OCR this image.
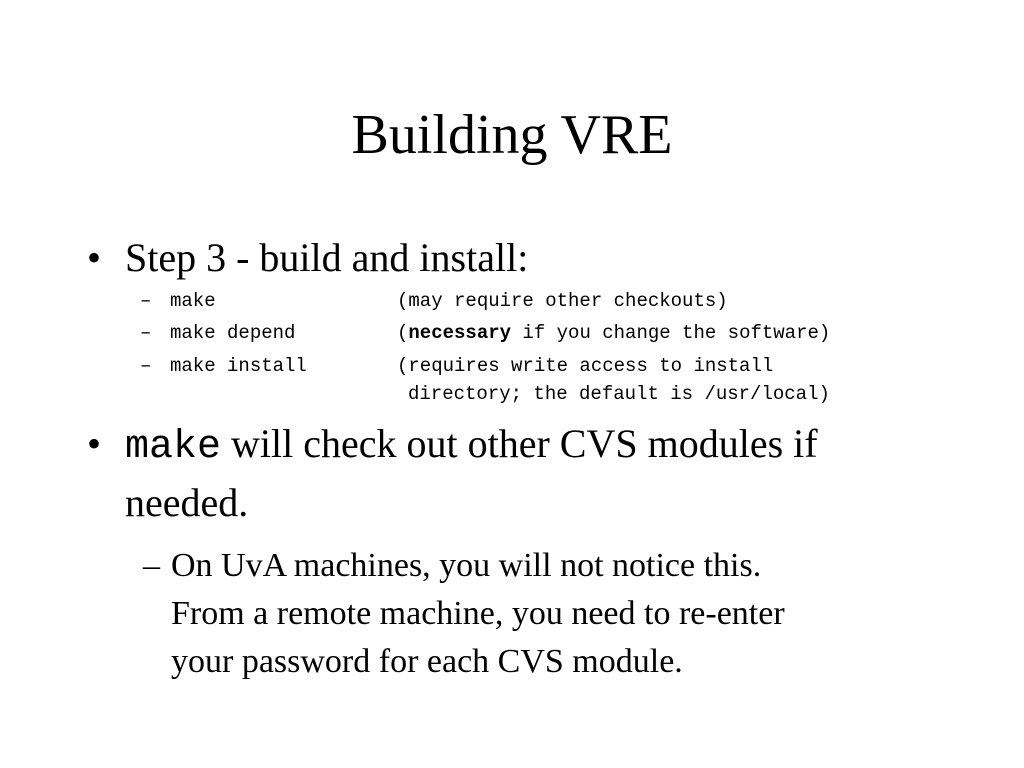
Building VRE
• Step 3 - build and install:
– make	(may require other checkouts)
– make depend	(necessary if you change the software)
– make install	(requires write access to install
directory; the default is /usr/local)
• make will check out other CVS modules if
needed.
– On UvA machines, you will not notice this.
From a remote machine, you need to re-enter
your password for each CVS module.
